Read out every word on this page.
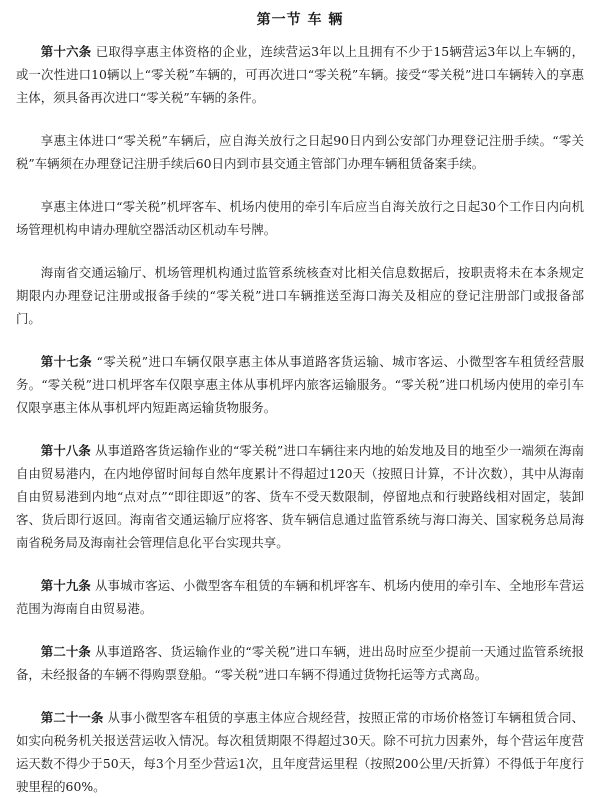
第一节 车 辆

第十六条 已取得享惠主体资格的企业，连续营运3年以上且拥有不少于15辆营运3年以上车辆的，或一次性进口10辆以上“零关税”车辆的，可再次进口“零关税”车辆。接受“零关税”进口车辆转入的享惠主体，须具备再次进口“零关税”车辆的条件。

享惠主体进口“零关税”车辆后，应自海关放行之日起90日内到公安部门办理登记注册手续。“零关税”车辆须在办理登记注册手续后60日内到市县交通主管部门办理车辆租赁备案手续。

享惠主体进口“零关税”机坪客车、机场内使用的牵引车后应当自海关放行之日起30个工作日内向机场管理机构申请办理航空器活动区机动车号牌。

海南省交通运输厅、机场管理机构通过监管系统核查对比相关信息数据后，按职责将未在本条规定期限内办理登记注册或报备手续的“零关税”进口车辆推送至海口海关及相应的登记注册部门或报备部门。

第十七条 “零关税”进口车辆仅限享惠主体从事道路客货运输、城市客运、小微型客车租赁经营服务。“零关税”进口机坪客车仅限享惠主体从事机坪内旅客运输服务。“零关税”进口机场内使用的牵引车仅限享惠主体从事机坪内短距离运输货物服务。

第十八条 从事道路客货运输作业的“零关税”进口车辆往来内地的始发地及目的地至少一端须在海南自由贸易港内，在内地停留时间每自然年度累计不得超过120天（按照日计算，不计次数），其中从海南自由贸易港到内地“点对点”“即往即返”的客、货车不受天数限制，停留地点和行驶路线相对固定，装卸客、货后即行返回。海南省交通运输厅应将客、货车辆信息通过监管系统与海口海关、国家税务总局海南省税务局及海南社会管理信息化平台实现共享。

第十九条 从事城市客运、小微型客车租赁的车辆和机坪客车、机场内使用的牵引车、全地形车营运范围为海南自由贸易港。

第二十条 从事道路客、货运输作业的“零关税”进口车辆，进出岛时应至少提前一天通过监管系统报备，未经报备的车辆不得购票登船。“零关税”进口车辆不得通过货物托运等方式离岛。

第二十一条 从事小微型客车租赁的享惠主体应合规经营，按照正常的市场价格签订车辆租赁合同、如实向税务机关报送营运收入情况。每次租赁期限不得超过30天。除不可抗力因素外，每个营运年度营运天数不得少于50天，每3个月至少营运1次，且年度营运里程（按照200公里/天折算）不得低于年度行驶里程的60%。
